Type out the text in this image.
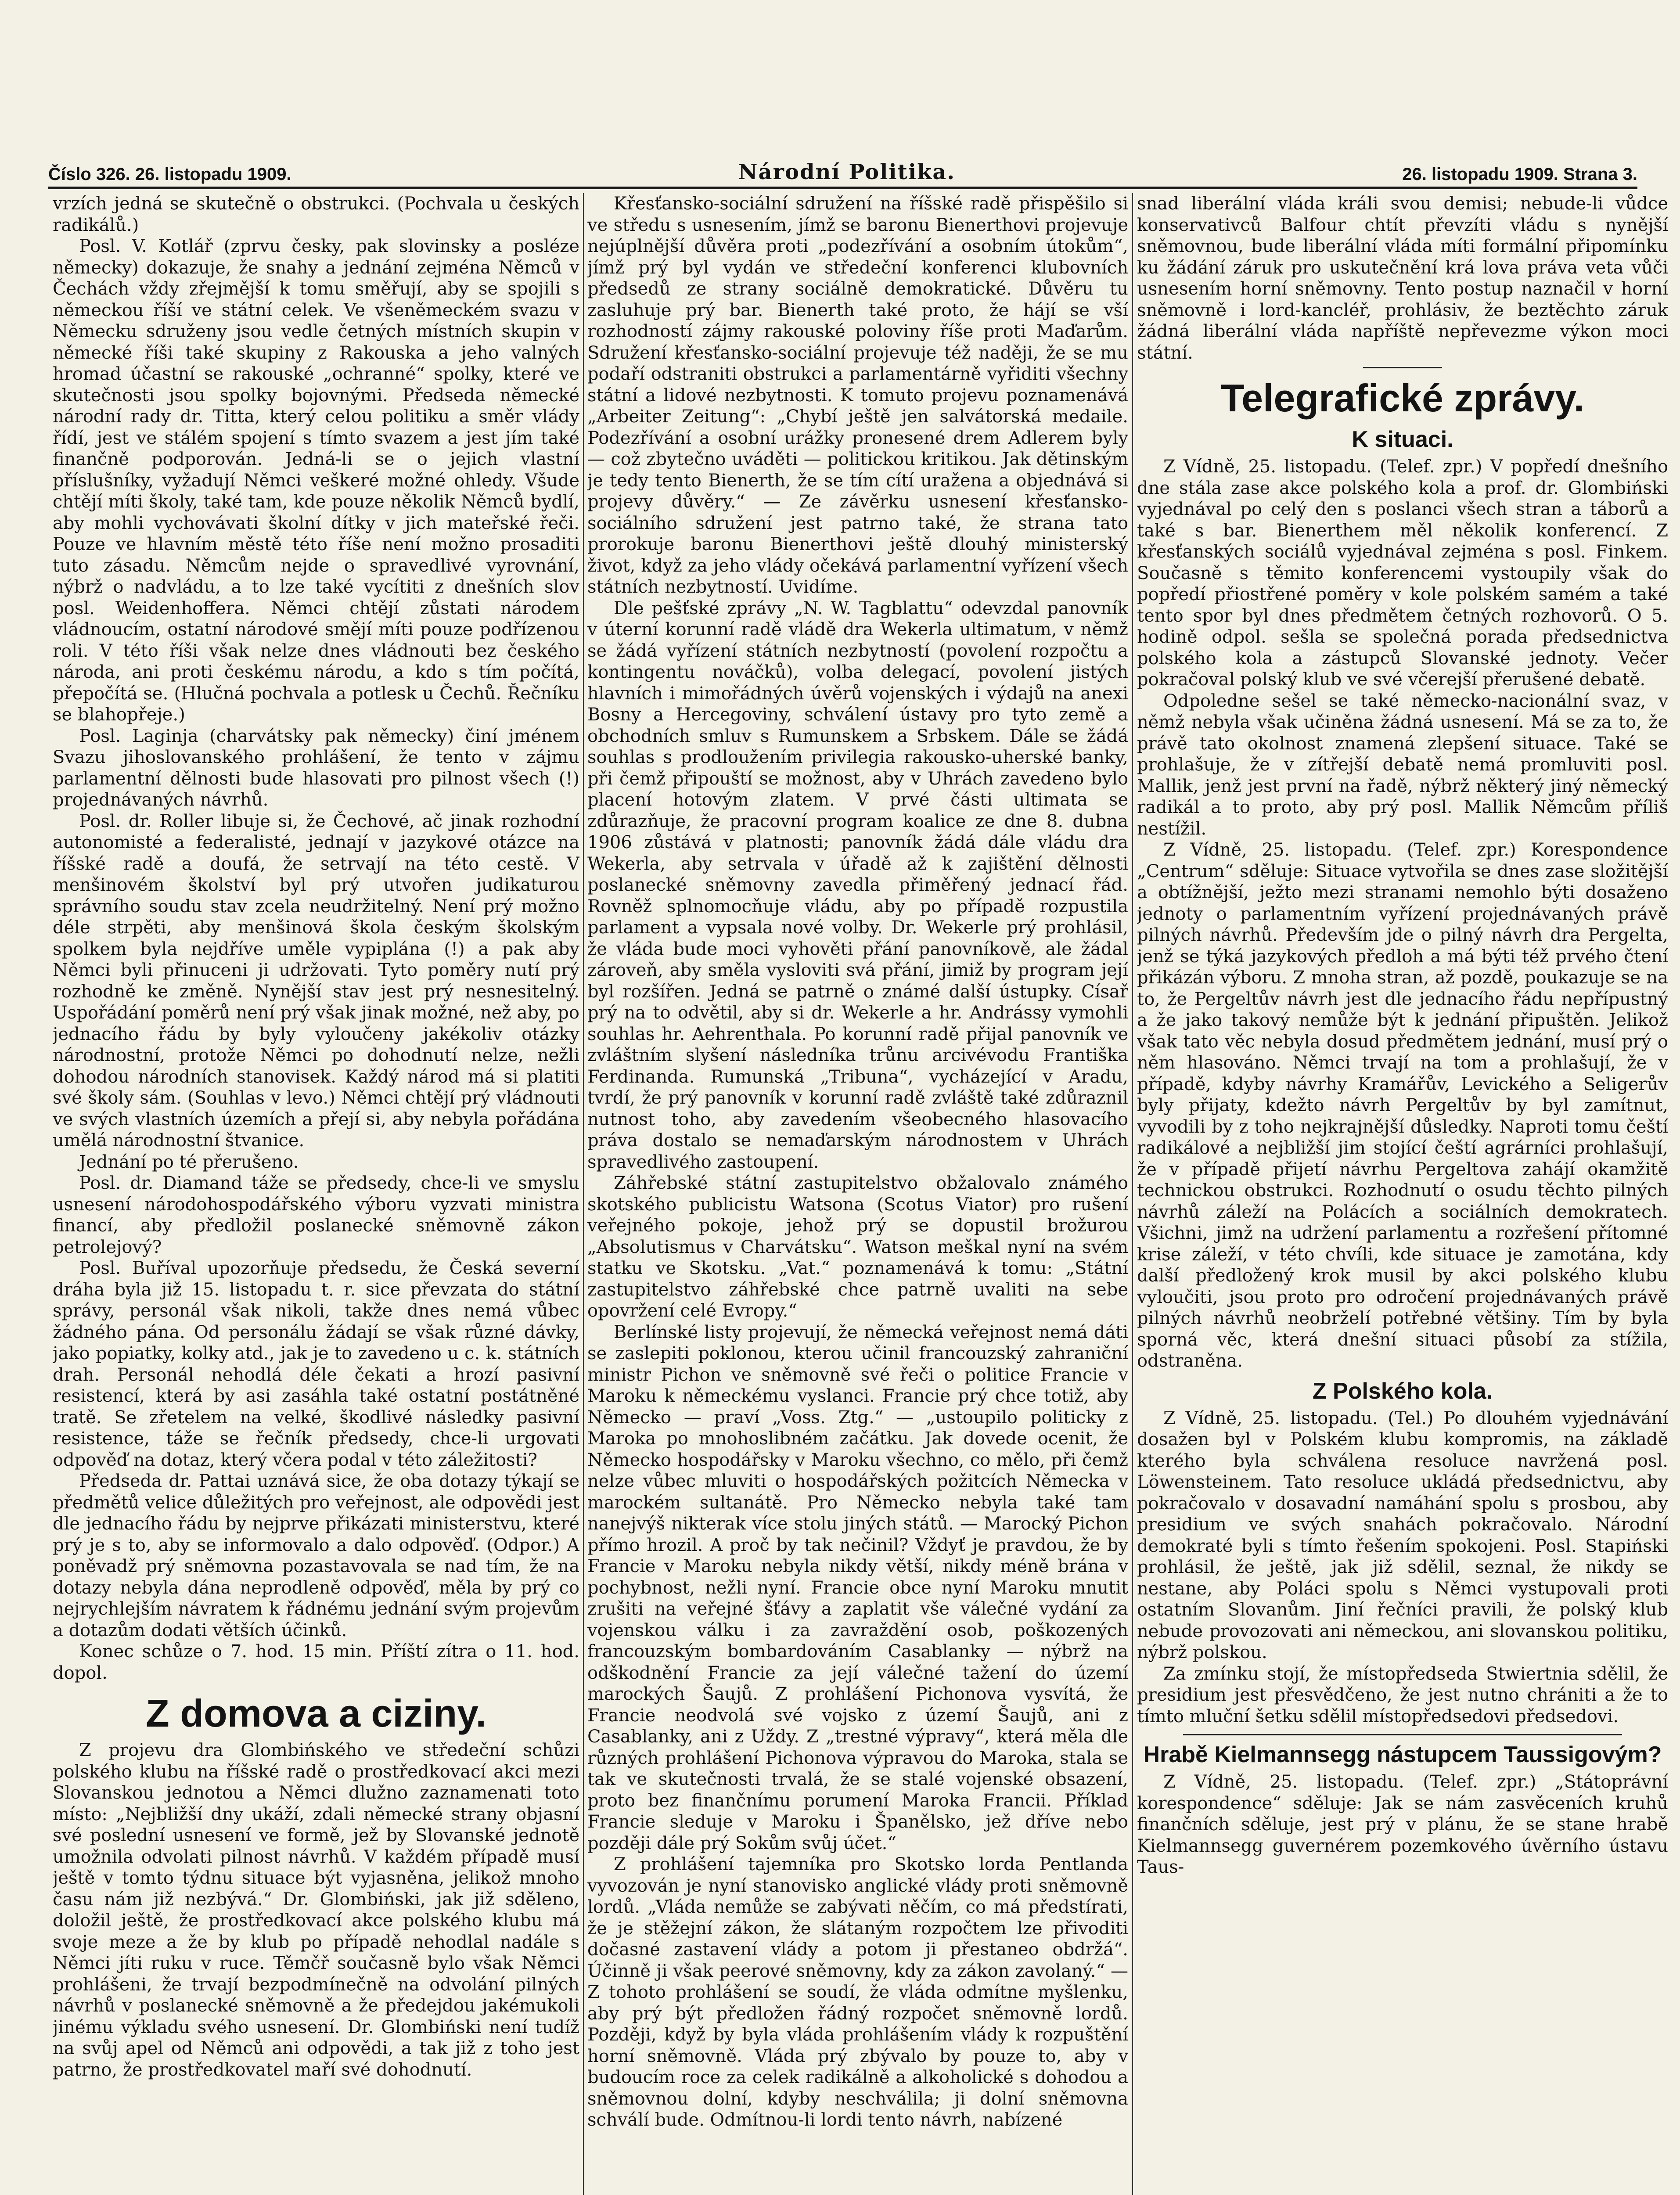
Číslo 326. 26. listopadu 1909.	Národní Politika.	26. listopadu 1909. Strana 3.

vrzích jedná se skutečně o obstrukci. (Pochvala u českých radikálů.)

Posl. V. Kotlář (zprvu česky, pak slovinsky a posléze německy) dokazuje, že snahy a jednání zejména Němců v Čechách vždy zřejmější k tomu směřují, aby se spojili s německou říší ve státní celek. Ve všeněmeckém svazu v Německu sdruženy jsou vedle četných místních skupin v německé říši také skupiny z Rakouska a jeho valných hromad účastní se rakouské „ochranné“ spolky, které ve skutečnosti jsou spolky bojovnými. Předseda německé národní rady dr. Titta, který celou politiku a směr vlády řídí, jest ve stálém spojení s tímto svazem a jest jím také finančně podporován. Jedná-li se o jejich vlastní příslušníky, vyžadují Němci veškeré možné ohledy. Všude chtějí míti školy, také tam, kde pouze několik Němců bydlí, aby mohli vychovávati školní dítky v jich mateřské řeči. Pouze ve hlavním městě této říše není možno prosaditi tuto zásadu. Němcům nejde o spravedlivé vyrovnání, nýbrž o nadvládu, a to lze také vycítiti z dnešních slov posl. Weidenhoffera. Němci chtějí zůstati národem vládnoucím, ostatní národové smějí míti pouze podřízenou roli. V této říši však nelze dnes vládnouti bez českého národa, ani proti českému národu, a kdo s tím počítá, přepočítá se. (Hlučná pochvala a potlesk u Čechů. Řečníku se blahopřeje.)

Posl. Laginja (charvátsky pak německy) činí jménem Svazu jihoslovanského prohlášení, že tento v zájmu parlamentní dělnosti bude hlasovati pro pilnost všech (!) projednávaných návrhů.

Posl. dr. Roller libuje si, že Čechové, ač jinak rozhodní autonomisté a federalisté, jednají v jazykové otázce na říšské radě a doufá, že setrvají na této cestě. V menšinovém školství byl prý utvořen judikaturou správního soudu stav zcela neudržitelný. Není prý možno déle strpěti, aby menšinová škola českým školským spolkem byla nejdříve uměle vypiplána (!) a pak aby Němci byli přinuceni ji udržovati. Tyto poměry nutí prý rozhodně ke změně. Nynější stav jest prý nesnesitelný. Uspořádání poměrů není prý však jinak možné, než aby, po jednacího řádu by byly vyloučeny jakékoliv otázky národnostní, protože Němci po dohodnutí nelze, nežli dohodou národních stanovisek. Každý národ má si platiti své školy sám. (Souhlas v levo.) Němci chtějí prý vládnouti ve svých vlastních územích a přejí si, aby nebyla pořádána umělá národnostní štvanice.

Jednání po té přerušeno.

Posl. dr. Diamand táže se předsedy, chce-li ve smyslu usnesení národohospodářského výboru vyzvati ministra financí, aby předložil poslanecké sněmovně zákon petrolejový?

Posl. Buříval upozorňuje předsedu, že Česká severní dráha byla již 15. listopadu t. r. sice převzata do státní správy, personál však nikoli, takže dnes nemá vůbec žádného pána. Od personálu žádají se však různé dávky, jako popiatky, kolky atd., jak je to zavedeno u c. k. státních drah. Personál nehodlá déle čekati a hrozí pasivní resistencí, která by asi zasáhla také ostatní postátněné tratě. Se zřetelem na velké, škodlivé následky pasivní resistence, táže se řečník předsedy, chce-li urgovati odpověď na dotaz, který včera podal v této záležitosti?

Předseda dr. Pattai uznává sice, že oba dotazy týkají se předmětů velice důležitých pro veřejnost, ale odpovědi jest dle jednacího řádu by nejprve přikázati ministerstvu, které prý je s to, aby se informovalo a dalo odpověď. (Odpor.) A poněvadž prý sněmovna pozastavovala se nad tím, že na dotazy nebyla dána neprodleně odpověď, měla by prý co nejrychlejším návratem k řádnému jednání svým projevům a dotazům dodati větších účinků.

Konec schůze o 7. hod. 15 min. Příští zítra o 11. hod. dopol.

Z domova a ciziny.

Z projevu dra Glombińského ve středeční schůzi polského klubu na říšské radě o prostředkovací akci mezi Slovanskou jednotou a Němci dlužno zaznamenati toto místo: „Nejbližší dny ukáží, zdali německé strany objasní své poslední usnesení ve formě, jež by Slovanské jednotě umožnila odvolati pilnost návrhů. V každém případě musí ještě v tomto týdnu situace být vyjasněna, jelikož mnoho času nám již nezbývá.“ Dr. Glombiński, jak již sděleno, doložil ještě, že prostředkovací akce polského klubu má svoje meze a že by klub po případě nehodlal nadále s Němci jíti ruku v ruce. Těmčř současně bylo však Němci prohlášeni, že trvají bezpodmínečně na odvolání pilných návrhů v poslanecké sněmovně a že předejdou jakémukoli jinému výkladu svého usnesení. Dr. Glombiński není tudíž na svůj apel od Němců ani odpovědi, a tak již z toho jest patrno, že prostředkovatel maří své dohodnutí.

Křesťansko-sociální sdružení na říšské radě přispěšilo si ve středu s usnesením, jímž se baronu Bienerthovi projevuje nejúplnější důvěra proti „podezřívání a osobním útokům“, jímž prý byl vydán ve středeční konferenci klubovních předsedů ze strany sociálně demokratické. Důvěru tu zasluhuje prý bar. Bienerth také proto, že hájí se vší rozhodností zájmy rakouské poloviny říše proti Maďarům. Sdružení křesťansko-sociální projevuje též naději, že se mu podaří odstraniti obstrukci a parlamentárně vyřiditi všechny státní a lidové nezbytnosti. K tomuto projevu poznamenává „Arbeiter Zeitung“: „Chybí ještě jen salvátorská medaile. Podezřívání a osobní urážky pronesené drem Adlerem byly — což zbytečno uváděti — politickou kritikou. Jak dětinským je tedy tento Bienerth, že se tím cítí uražena a objednává si projevy důvěry.“ — Ze závěrku usnesení křesťansko-sociálního sdružení jest patrno také, že strana tato prorokuje baronu Bienerthovi ještě dlouhý ministerský život, když za jeho vlády očekává parlamentní vyřízení všech státních nezbytností. Uvidíme.

Dle pešťské zprávy „N. W. Tagblattu“ odevzdal panovník v úterní korunní radě vládě dra Wekerla ultimatum, v němž se žádá vyřízení státních nezbytností (povolení rozpočtu a kontingentu nováčků), volba delegací, povolení jistých hlavních i mimořádných úvěrů vojenských i výdajů na anexi Bosny a Hercegoviny, schválení ústavy pro tyto země a obchodních smluv s Rumunskem a Srbskem. Dále se žádá souhlas s prodloužením privilegia rakousko-uherské banky, při čemž připouští se možnost, aby v Uhrách zavedeno bylo placení hotovým zlatem. V prvé části ultimata se zdůrazňuje, že pracovní program koalice ze dne 8. dubna 1906 zůstává v platnosti; panovník žádá dále vládu dra Wekerla, aby setrvala v úřadě až k zajištění dělnosti poslanecké sněmovny zavedla přiměřený jednací řád. Rovněž splnomocňuje vládu, aby po případě rozpustila parlament a vypsala nové volby. Dr. Wekerle prý prohlásil, že vláda bude moci vyhověti přání panovníkově, ale žádal zároveň, aby směla vysloviti svá přání, jimiž by program její byl rozšířen. Jedná se patrně o známé další ústupky. Císař prý na to odvětil, aby si dr. Wekerle a hr. Andrássy vymohli souhlas hr. Aehrenthala. Po korunní radě přijal panovník ve zvláštním slyšení následníka trůnu arcivévodu Františka Ferdinanda. Rumunská „Tribuna“, vycházející v Aradu, tvrdí, že prý panovník v korunní radě zvláště také zdůraznil nutnost toho, aby zavedením všeobecného hlasovacího práva dostalo se nemaďarským národnostem v Uhrách spravedlivého zastoupení.

Záhřebské státní zastupitelstvo obžalovalo známého skotského publicistu Watsona (Scotus Viator) pro rušení veřejného pokoje, jehož prý se dopustil brožurou „Absolutismus v Charvátsku“. Watson meškal nyní na svém statku ve Skotsku. „Vat.“ poznamenává k tomu: „Státní zastupitelstvo záhřebské chce patrně uvaliti na sebe opovržení celé Evropy.“

Berlínské listy projevují, že německá veřejnost nemá dáti se zaslepiti poklonou, kterou učinil francouzský zahraniční ministr Pichon ve sněmovně své řeči o politice Francie v Maroku k německému vyslanci. Francie prý chce totiž, aby Německo — praví „Voss. Ztg.“ — „ustoupilo politicky z Maroka po mnohoslibném začátku. Jak dovede ocenit, že Německo hospodářsky v Maroku všechno, co mělo, při čemž nelze vůbec mluviti o hospodářských požitcích Německa v marockém sultanátě. Pro Německo nebyla také tam nanejvýš nikterak více stolu jiných států. — Marocký Pichon přímo hrozil. A proč by tak nečinil? Vždyť je pravdou, že by Francie v Maroku nebyla nikdy větší, nikdy méně brána v pochybnost, nežli nyní. Francie obce nyní Maroku mnutit zrušiti na veřejné šťávy a zaplatit vše válečné vydání za vojenskou válku i za zavraždění osob, poškozených francouzským bombardováním Casablanky — nýbrž na odškodnění Francie za její válečné tažení do území marockých Šaujů. Z prohlášení Pichonova vysvítá, že Francie neodvolá své vojsko z území Šaujů, ani z Casablanky, ani z Uždy. Z „trestné výpravy“, která měla dle různých prohlášení Pichonova výpravou do Maroka, stala se tak ve skutečnosti trvalá, že se stalé vojenské obsazení, proto bez finančnímu porumení Maroka Francii. Příklad Francie sleduje v Maroku i Španělsko, jež dříve nebo později dále prý Sokům svůj účet.“

Z prohlášení tajemníka pro Skotsko lorda Pentlanda vyvozován je nyní stanovisko anglické vlády proti sněmovně lordů. „Vláda nemůže se zabývati něčím, co má předstírati, že je stěžejní zákon, že slátaným rozpočtem lze přivoditi dočasné zastavení vlády a potom ji přestaneo obdržá“. Účinně ji však peerové sněmovny, kdy za zákon zavolaný.“ — Z tohoto prohlášení se soudí, že vláda odmítne myšlenku, aby prý být předložen řádný rozpočet sněmovně lordů. Později, když by byla vláda prohlášením vlády k rozpuštění horní sněmovně. Vláda prý zbývalo by pouze to, aby v budoucím roce za celek radikálně a alkoholické s dohodou a sněmovnou dolní, kdyby neschválila; ji dolní sněmovna schválí bude. Odmítnou-li lordi tento návrh, nabízené

snad liberální vláda králi svou demisi; nebude-li vůdce konservativců Balfour chtít převzíti vládu s nynější sněmovnou, bude liberální vláda míti formální připomínku ku žádání záruk pro uskutečnění krá lova práva veta vůči usnesením horní sněmovny. Tento postup naznačil v horní sněmovně i lord-kancléř, prohlásiv, že beztěchto záruk žádná liberální vláda napříště nepřevezme výkon moci státní.

Telegrafické zprávy.
K situaci.

Z Vídně, 25. listopadu. (Telef. zpr.) V popředí dnešního dne stála zase akce polského kola a prof. dr. Glombiński vyjednával po celý den s poslanci všech stran a táborů a také s bar. Bienerthem měl několik konferencí. Z křesťanských sociálů vyjednával zejména s posl. Finkem. Současně s těmito konferencemi vystoupily však do popředí přiostřené poměry v kole polském samém a také tento spor byl dnes předmětem četných rozhovorů. O 5. hodině odpol. sešla se společná porada předsednictva polského kola a zástupců Slovanské jednoty. Večer pokračoval polský klub ve své včerejší přerušené debatě.

Odpoledne sešel se také německo-nacionální svaz, v němž nebyla však učiněna žádná usnesení. Má se za to, že právě tato okolnost znamená zlepšení situace. Také se prohlašuje, že v zítřejší debatě nemá promluviti posl. Mallik, jenž jest první na řadě, nýbrž některý jiný německý radikál a to proto, aby prý posl. Mallik Němcům příliš nestížil.

Z Vídně, 25. listopadu. (Telef. zpr.) Korespondence „Centrum“ sděluje: Situace vytvořila se dnes zase složitější a obtížnější, ježto mezi stranami nemohlo býti dosaženo jednoty o parlamentním vyřízení projednávaných právě pilných návrhů. Především jde o pilný návrh dra Pergelta, jenž se týká jazykových předloh a má býti též prvého čtení přikázán výboru. Z mnoha stran, až pozdě, poukazuje se na to, že Pergeltův návrh jest dle jednacího řádu nepřípustný a že jako takový nemůže být k jednání připuštěn. Jelikož však tato věc nebyla dosud předmětem jednání, musí prý o něm hlasováno. Němci trvají na tom a prohlašují, že v případě, kdyby návrhy Kramářův, Levického a Seligerův byly přijaty, kdežto návrh Pergeltův by byl zamítnut, vyvodili by z toho nejkrajnější důsledky. Naproti tomu čeští radikálové a nejbližší jim stojící čeští agrárníci prohlašují, že v případě přijetí návrhu Pergeltova zahájí okamžitě technickou obstrukci. Rozhodnutí o osudu těchto pilných návrhů záleží na Polácích a sociálních demokratech. Všichni, jimž na udržení parlamentu a rozřešení přítomné krise záleží, v této chvíli, kde situace je zamotána, kdy další předložený krok musil by akci polského klubu vyloučiti, jsou proto pro odročení projednávaných právě pilných návrhů neobrželí potřebné většiny. Tím by byla sporná věc, která dnešní situaci působí za stížila, odstraněna.

Z Polského kola.

Z Vídně, 25. listopadu. (Tel.) Po dlouhém vyjednávání dosažen byl v Polském klubu kompromis, na základě kterého byla schválena resoluce navržená posl. Löwensteinem. Tato resoluce ukládá předsednictvu, aby pokračovalo v dosavadní namáhání spolu s prosbou, aby presidium ve svých snahách pokračovalo. Národní demokraté byli s tímto řešením spokojeni. Posl. Stapiński prohlásil, že ještě, jak již sdělil, seznal, že nikdy se nestane, aby Poláci spolu s Němci vystupovali proti ostatním Slovanům. Jiní řečníci pravili, že polský klub nebude provozovati ani německou, ani slovanskou politiku, nýbrž polskou.

Za zmínku stojí, že místopředseda Stwiertnia sdělil, že presidium jest přesvědčeno, že jest nutno chrániti a že to tímto mluční šetku sdělil místopředsedovi předsedovi.

Hrabě Kielmannsegg nástupcem Taussigovým?

Z Vídně, 25. listopadu. (Telef. zpr.) „Státoprávní korespondence“ sděluje: Jak se nám zasvěceních kruhů finančních sděluje, jest prý v plánu, že se stane hrabě Kielmannsegg guvernérem pozemkového úvěrního ústavu Taus-
